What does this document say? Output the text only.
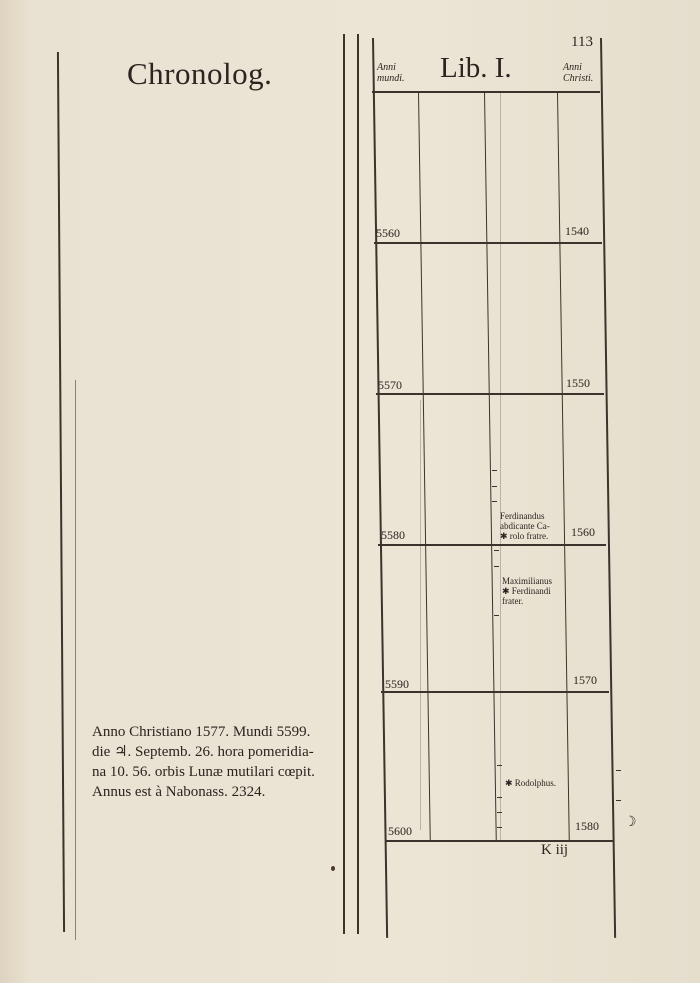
Chronolog.	Lib. I.
113
Anni
mundi.
Anni
Christi.
5560	1540
5570	1550
5580	1560
5590	1570
5600	1580
Ferdinandus
abdicante Ca-
✱ rolo fratre.
Maximilianus
✱ Ferdinandi
frater.
✱ Rodolphus.
Anno Christiano 1577. Mundi 5599.
die ♃. Septemb. 26. hora pomeridia-
na 10. 56. orbis Lunæ mutilari cœpit.
Annus est à Nabonass. 2324.
K iij
☽
